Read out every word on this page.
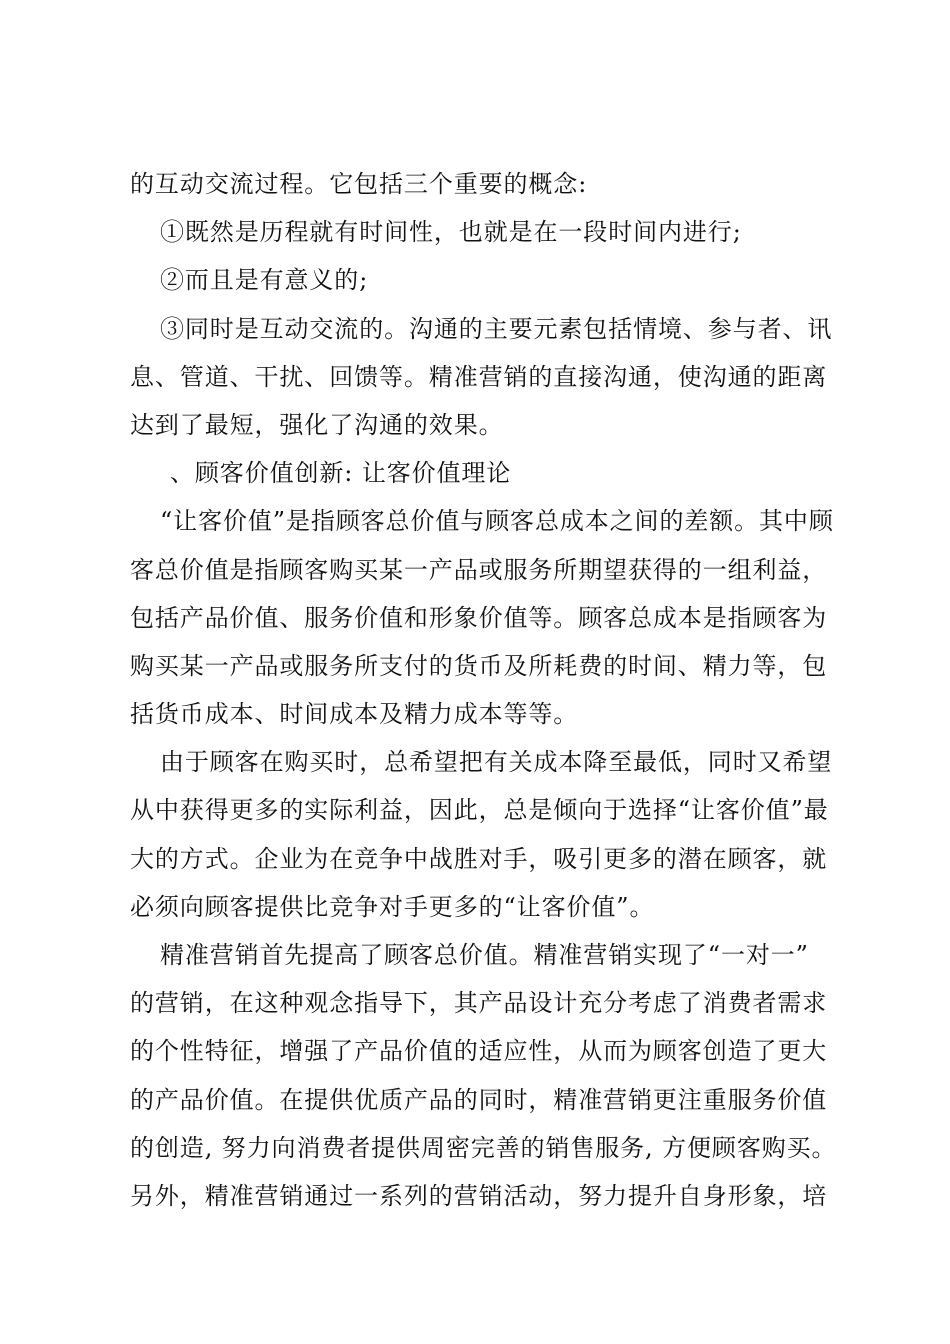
的互动交流过程。它包括三个重要的概念:
①既然是历程就有时间性，也就是在一段时间内进行;
②而且是有意义的;
③同时是互动交流的。沟通的主要元素包括情境、参与者、讯
息、管道、干扰、回馈等。精准营销的直接沟通，使沟通的距离
达到了最短，强化了沟通的效果。
、顾客价值创新: 让客价值理论
“让客价值”是指顾客总价值与顾客总成本之间的差额。其中顾
客总价值是指顾客购买某一产品或服务所期望获得的一组利益，
包括产品价值、服务价值和形象价值等。顾客总成本是指顾客为
购买某一产品或服务所支付的货币及所耗费的时间、精力等，包
括货币成本、时间成本及精力成本等等。
由于顾客在购买时，总希望把有关成本降至最低，同时又希望
从中获得更多的实际利益，因此，总是倾向于选择“让客价值”最
大的方式。企业为在竞争中战胜对手，吸引更多的潜在顾客，就
必须向顾客提供比竞争对手更多的“让客价值”。
精准营销首先提高了顾客总价值。精准营销实现了“一对一”
的营销，在这种观念指导下，其产品设计充分考虑了消费者需求
的个性特征，增强了产品价值的适应性，从而为顾客创造了更大
的产品价值。在提供优质产品的同时，精准营销更注重服务价值
的创造, 努力向消费者提供周密完善的销售服务, 方便顾客购买。
另外，精准营销通过一系列的营销活动，努力提升自身形象，培
